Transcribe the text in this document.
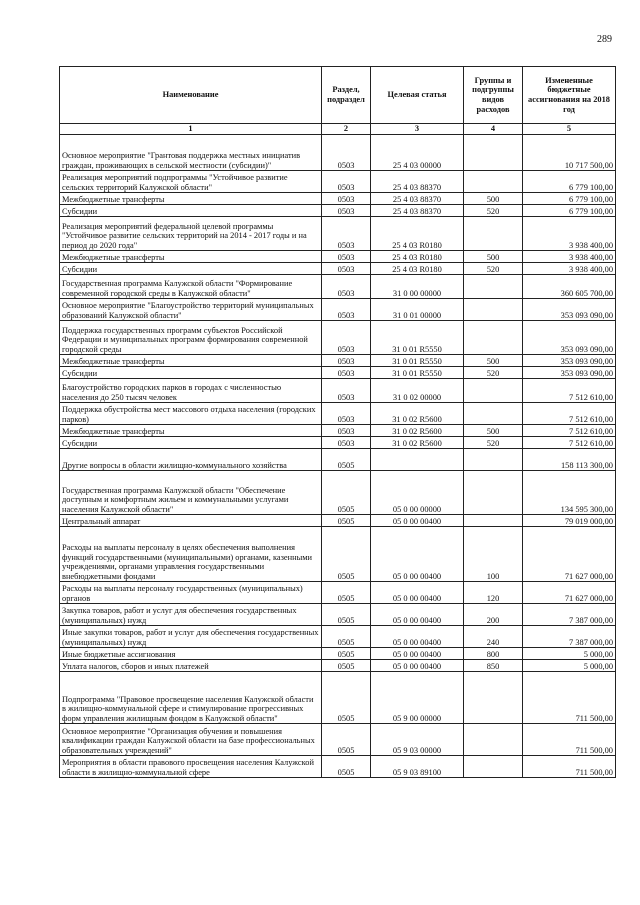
289
Наименование	Раздел, подраздел	Целевая статья	Группы и подгруппы видов расходов	Измененные бюджетные ассигнования на 2018 год
1	2	3	4	5
Основное мероприятие "Грантовая поддержка местных инициатив граждан, проживающих в сельской местности (субсидии)"	0503	25 4 03 00000		10 717 500,00
Реализация мероприятий подпрограммы "Устойчивое развитие сельских территорий Калужской области"	0503	25 4 03 88370		6 779 100,00
Межбюджетные трансферты	0503	25 4 03 88370	500	6 779 100,00
Субсидии	0503	25 4 03 88370	520	6 779 100,00
Реализация мероприятий федеральной целевой программы "Устойчивое развитие сельских территорий на 2014 - 2017 годы и на период до 2020 года"	0503	25 4 03 R0180		3 938 400,00
Межбюджетные трансферты	0503	25 4 03 R0180	500	3 938 400,00
Субсидии	0503	25 4 03 R0180	520	3 938 400,00
Государственная программа Калужской области "Формирование современной городской среды в Калужской области"	0503	31 0 00 00000		360 605 700,00
Основное мероприятие "Благоустройство территорий муниципальных образований Калужской области"	0503	31 0 01 00000		353 093 090,00
Поддержка государственных программ субъектов Российской Федерации и муниципальных программ формирования современной городской среды	0503	31 0 01 R5550		353 093 090,00
Межбюджетные трансферты	0503	31 0 01 R5550	500	353 093 090,00
Субсидии	0503	31 0 01 R5550	520	353 093 090,00
Благоустройство городских парков в городах с численностью населения до 250 тысяч человек	0503	31 0 02 00000		7 512 610,00
Поддержка обустройства мест массового отдыха населения (городских парков)	0503	31 0 02 R5600		7 512 610,00
Межбюджетные трансферты	0503	31 0 02 R5600	500	7 512 610,00
Субсидии	0503	31 0 02 R5600	520	7 512 610,00
Другие вопросы в области жилищно-коммунального хозяйства	0505			158 113 300,00
Государственная программа Калужской области "Обеспечение доступным и комфортным жильем и коммунальными услугами населения Калужской области"	0505	05 0 00 00000		134 595 300,00
Центральный аппарат	0505	05 0 00 00400		79 019 000,00
Расходы на выплаты персоналу в целях обеспечения выполнения функций государственными (муниципальными) органами, казенными учреждениями, органами управления государственными внебюджетными фондами	0505	05 0 00 00400	100	71 627 000,00
Расходы на выплаты персоналу государственных (муниципальных) органов	0505	05 0 00 00400	120	71 627 000,00
Закупка товаров, работ и услуг для обеспечения государственных (муниципальных) нужд	0505	05 0 00 00400	200	7 387 000,00
Иные закупки товаров, работ и услуг для обеспечения государственных (муниципальных) нужд	0505	05 0 00 00400	240	7 387 000,00
Иные бюджетные ассигнования	0505	05 0 00 00400	800	5 000,00
Уплата налогов, сборов и иных платежей	0505	05 0 00 00400	850	5 000,00
Подпрограмма "Правовое просвещение населения Калужской области в жилищно-коммунальной сфере и стимулирование прогрессивных форм управления жилищным фондом в Калужской области"	0505	05 9 00 00000		711 500,00
Основное мероприятие "Организация обучения и повышения квалификации граждан Калужской области на базе профессиональных образовательных учреждений"	0505	05 9 03 00000		711 500,00
Мероприятия в области правового просвещения населения Калужской области в жилищно-коммунальной сфере	0505	05 9 03 89100		711 500,00
